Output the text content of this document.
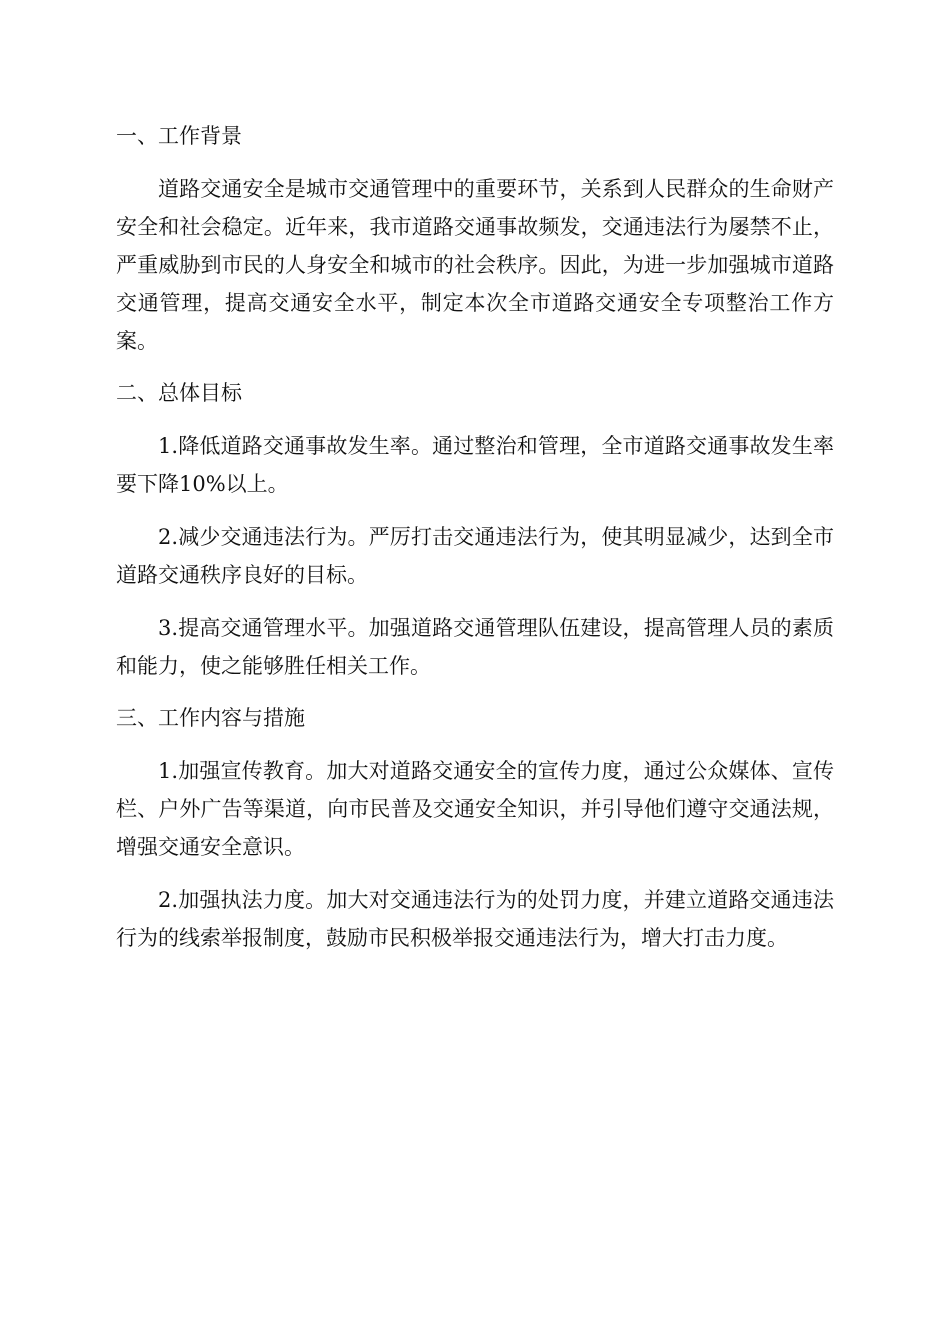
一、工作背景

道路交通安全是城市交通管理中的重要环节，关系到人民群众的生命财产安全和社会稳定。近年来，我市道路交通事故频发，交通违法行为屡禁不止，严重威胁到市民的人身安全和城市的社会秩序。因此，为进一步加强城市道路交通管理，提高交通安全水平，制定本次全市道路交通安全专项整治工作方案。

二、总体目标

1.降低道路交通事故发生率。通过整治和管理，全市道路交通事故发生率要下降10%以上。

2.减少交通违法行为。严厉打击交通违法行为，使其明显减少，达到全市道路交通秩序良好的目标。

3.提高交通管理水平。加强道路交通管理队伍建设，提高管理人员的素质和能力，使之能够胜任相关工作。

三、工作内容与措施

1.加强宣传教育。加大对道路交通安全的宣传力度，通过公众媒体、宣传栏、户外广告等渠道，向市民普及交通安全知识，并引导他们遵守交通法规，增强交通安全意识。

2.加强执法力度。加大对交通违法行为的处罚力度，并建立道路交通违法行为的线索举报制度，鼓励市民积极举报交通违法行为，增大打击力度。
